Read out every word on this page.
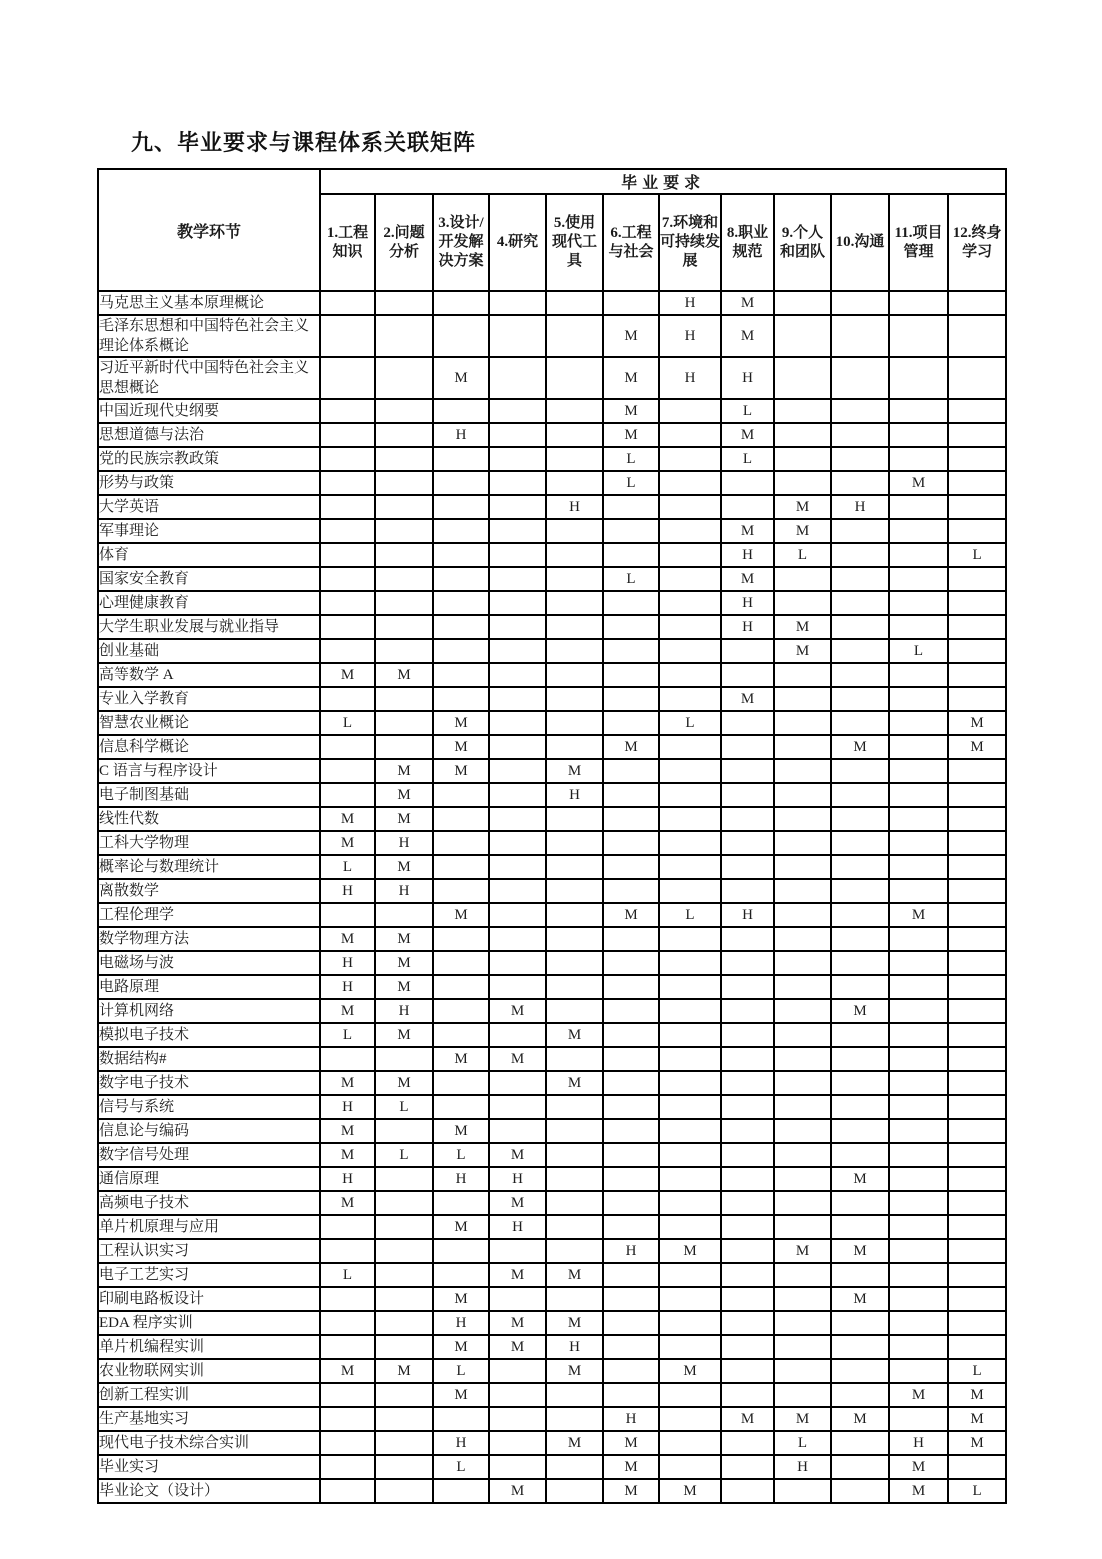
九、毕业要求与课程体系关联矩阵
教学环节	毕业要求											
	1.工程知识	2.问题分析	3.设计/开发解决方案	4.研究	5.使用现代工具	6.工程与社会	7.环境和可持续发展	8.职业规范	9.个人和团队	10.沟通	11.项目管理	12.终身学习
马克思主义基本原理概论							H	M				
毛泽东思想和中国特色社会主义理论体系概论						M	H	M				
习近平新时代中国特色社会主义思想概论			M			M	H	H				
中国近现代史纲要						M		L				
思想道德与法治			H			M		M				
党的民族宗教政策						L		L				
形势与政策						L					M	
大学英语					H				M	H		
军事理论								M	M			
体育								H	L			L
国家安全教育						L		M				
心理健康教育								H				
大学生职业发展与就业指导								H	M			
创业基础									M		L	
高等数学 A	M	M										
专业入学教育								M				
智慧农业概论	L		M				L					M
信息科学概论			M			M				M		M
C 语言与程序设计		M	M		M							
电子制图基础		M			H							
线性代数	M	M										
工科大学物理	M	H										
概率论与数理统计	L	M										
离散数学	H	H										
工程伦理学			M			M	L	H			M	
数学物理方法	M	M										
电磁场与波	H	M										
电路原理	H	M										
计算机网络	M	H		M						M		
模拟电子技术	L	M			M							
数据结构#			M	M								
数字电子技术	M	M			M							
信号与系统	H	L										
信息论与编码	M		M									
数字信号处理	M	L	L	M								
通信原理	H		H	H						M		
高频电子技术	M			M								
单片机原理与应用			M	H								
工程认识实习						H	M		M	M		
电子工艺实习	L			M	M							
印刷电路板设计			M							M		
EDA 程序实训			H	M	M							
单片机编程实训			M	M	H							
农业物联网实训	M	M	L		M		M					L
创新工程实训			M								M	M
生产基地实习						H		M	M	M		M
现代电子技术综合实训			H		M	M			L		H	M
毕业实习			L			M			H		M	
毕业论文（设计）				M		M	M				M	L
